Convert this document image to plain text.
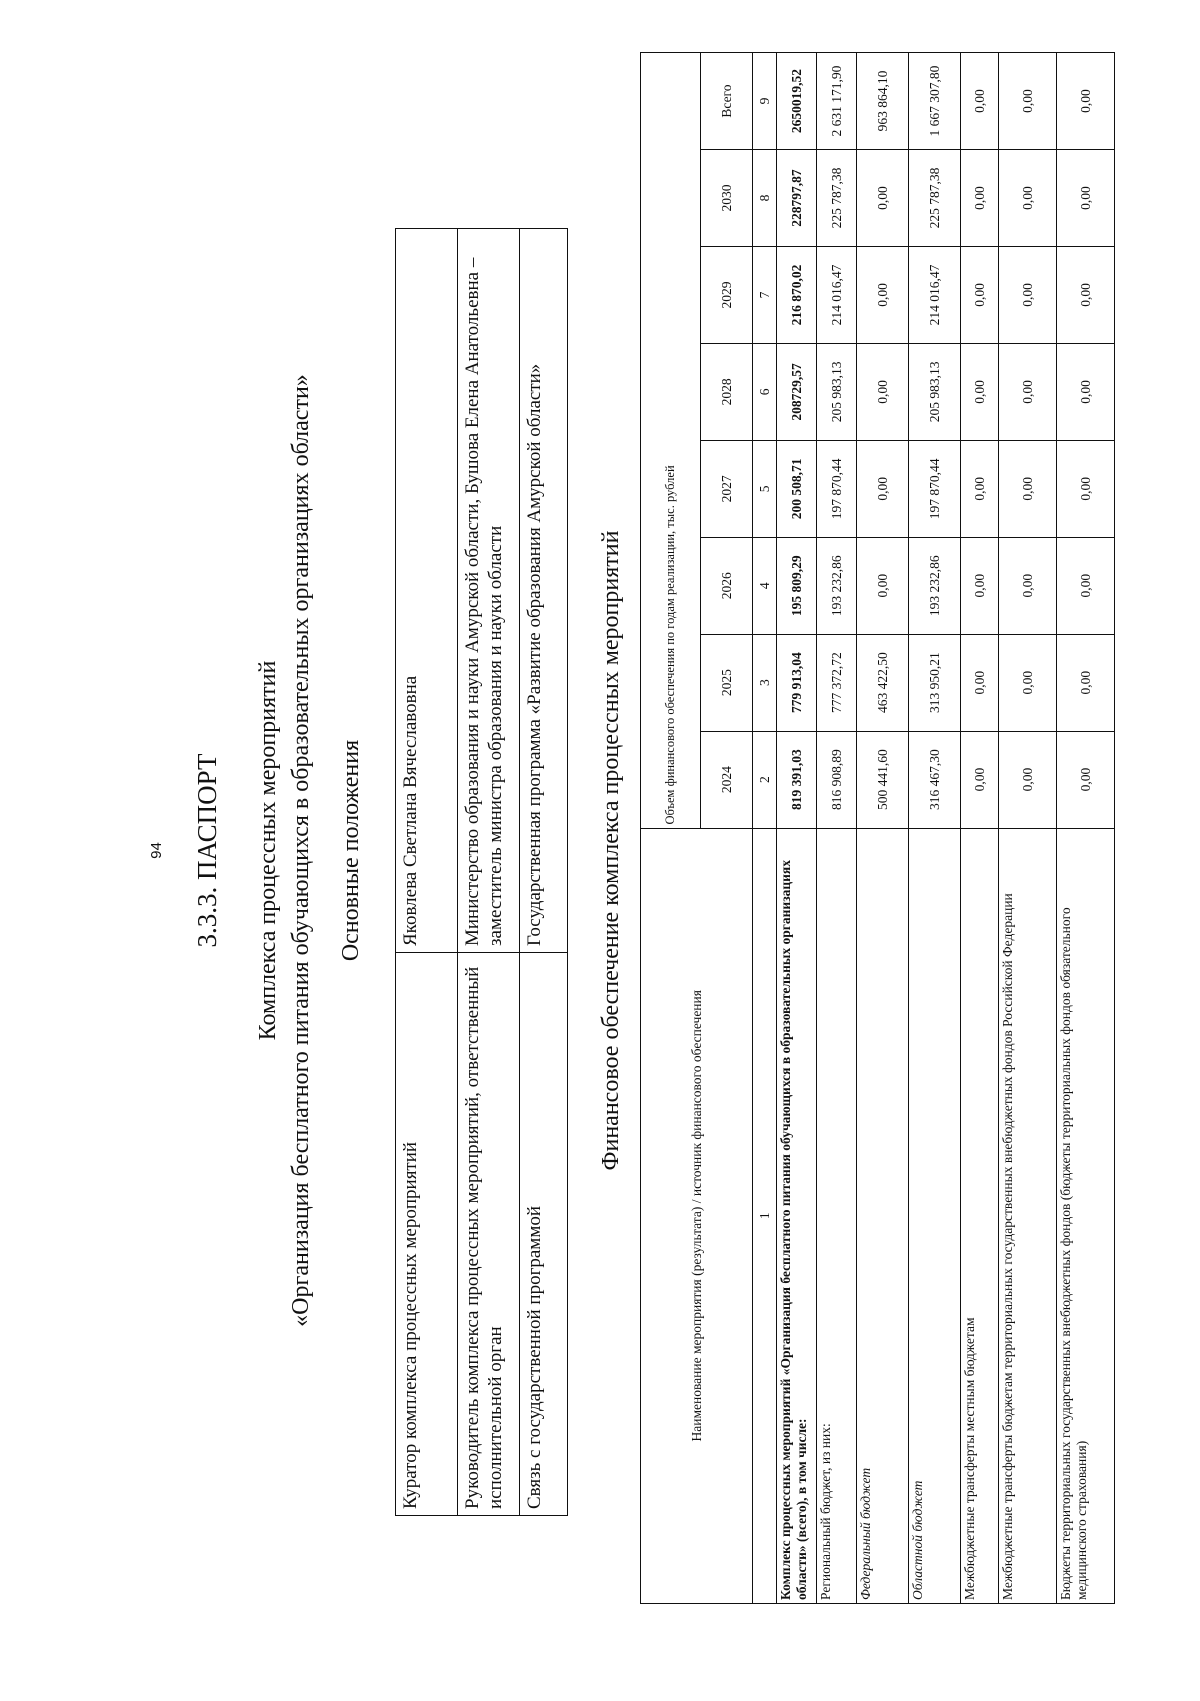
94 3.3.3. ПАСПОРТ Комплекса процессных мероприятий «Организация бесплатного питания обучающихся в образовательных организациях области» Основные положения
Куратор комплекса процессных мероприятий	Яковлева Светлана Вячеславовна
Руководитель комплекса процессных мероприятий, ответственный исполнительной орган	Министерство образования и науки Амурской области, Бушова Елена Анатольевна – заместитель министра образования и науки области
Связь с государственной программой	Государственная программа «Развитие образования Амурской области» Финансовое обеспечение комплекса процессных мероприятий
Наименование мероприятия (результата) / источник финансового обеспечения	Объем финансового обеспечения по годам реализации, тыс. рублей							
	2024	2025	2026	2027	2028	2029	2030	Всего
1	2	3	4	5	6	7	8	9
Комплекс процессных мероприятий «Организация бесплатного питания обучающихся в образовательных организациях области» (всего), в том числе:	819 391,03	779 913,04	195 809,29	200 508,71	208729,57	216 870,02	228797,87	2650019,52
Региональный бюджет, из них:	816 908,89	777 372,72	193 232,86	197 870,44	205 983,13	214 016,47	225 787,38	2 631 171,90
Федеральный бюджет	500 441,60	463 422,50	0,00	0,00	0,00	0,00	0,00	963 864,10
Областной бюджет	316 467,30	313 950,21	193 232,86	197 870,44	205 983,13	214 016,47	225 787,38	1 667 307,80
Межбюджетные трансферты местным бюджетам	0,00	0,00	0,00	0,00	0,00	0,00	0,00	0,00
Межбюджетные трансферты бюджетам территориальных государственных внебюджетных фондов Российской Федерации	0,00	0,00	0,00	0,00	0,00	0,00	0,00	0,00
Бюджеты территориальных государственных внебюджетных фондов (бюджеты территориальных фондов обязательного медицинского страхования)	0,00	0,00	0,00	0,00	0,00	0,00	0,00	0,00
